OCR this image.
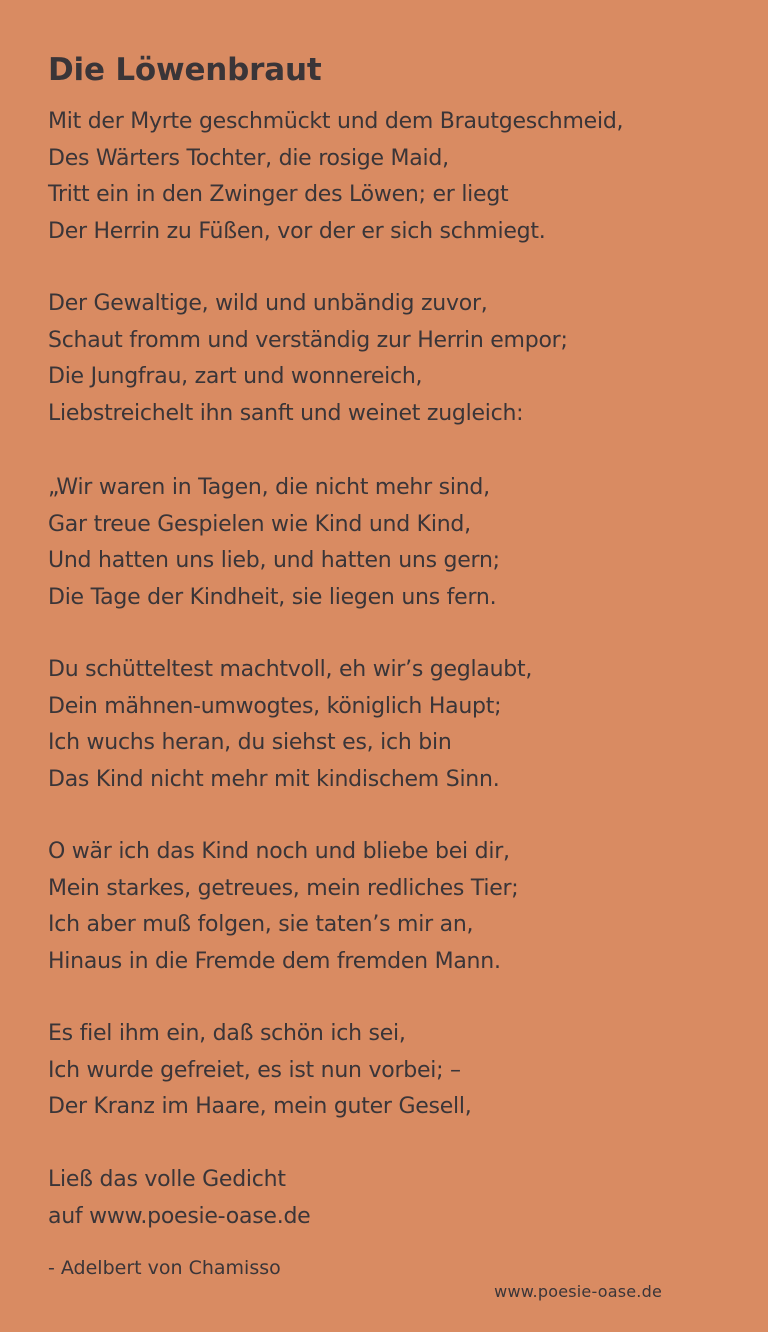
Die Löwenbraut
Mit der Myrte geschmückt und dem Brautgeschmeid,
Des Wärters Tochter, die rosige Maid,
Tritt ein in den Zwinger des Löwen; er liegt
Der Herrin zu Füßen, vor der er sich schmiegt.
Der Gewaltige, wild und unbändig zuvor,
Schaut fromm und verständig zur Herrin empor;
Die Jungfrau, zart und wonnereich,
Liebstreichelt ihn sanft und weinet zugleich:
„Wir waren in Tagen, die nicht mehr sind,
Gar treue Gespielen wie Kind und Kind,
Und hatten uns lieb, und hatten uns gern;
Die Tage der Kindheit, sie liegen uns fern.
Du schütteltest machtvoll, eh wir’s geglaubt,
Dein mähnen-umwogtes, königlich Haupt;
Ich wuchs heran, du siehst es, ich bin
Das Kind nicht mehr mit kindischem Sinn.
O wär ich das Kind noch und bliebe bei dir,
Mein starkes, getreues, mein redliches Tier;
Ich aber muß folgen, sie taten’s mir an,
Hinaus in die Fremde dem fremden Mann.
Es fiel ihm ein, daß schön ich sei,
Ich wurde gefreiet, es ist nun vorbei; –
Der Kranz im Haare, mein guter Gesell,
Ließ das volle Gedicht
auf www.poesie-oase.de
- Adelbert von Chamisso
www.poesie-oase.de
